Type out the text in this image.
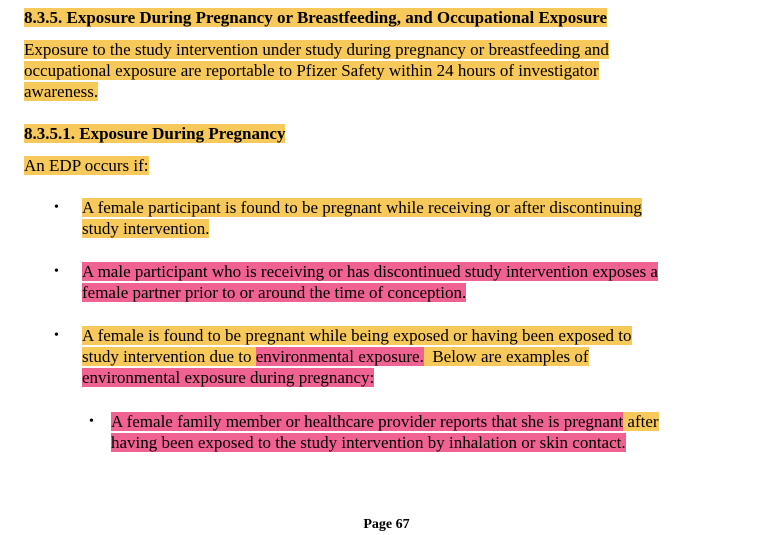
8.3.5. Exposure During Pregnancy or Breastfeeding, and Occupational Exposure
Exposure to the study intervention under study during pregnancy or breastfeeding and
occupational exposure are reportable to Pfizer Safety within 24 hours of investigator
awareness.
8.3.5.1. Exposure During Pregnancy
An EDP occurs if:
• A female participant is found to be pregnant while receiving or after discontinuing
study intervention.
• A male participant who is receiving or has discontinued study intervention exposes a
female partner prior to or around the time of conception.
• A female is found to be pregnant while being exposed or having been exposed to
study intervention due to environmental exposure.  Below are examples of
environmental exposure during pregnancy:
• A female family member or healthcare provider reports that she is pregnant after
having been exposed to the study intervention by inhalation or skin contact.
Page 67
